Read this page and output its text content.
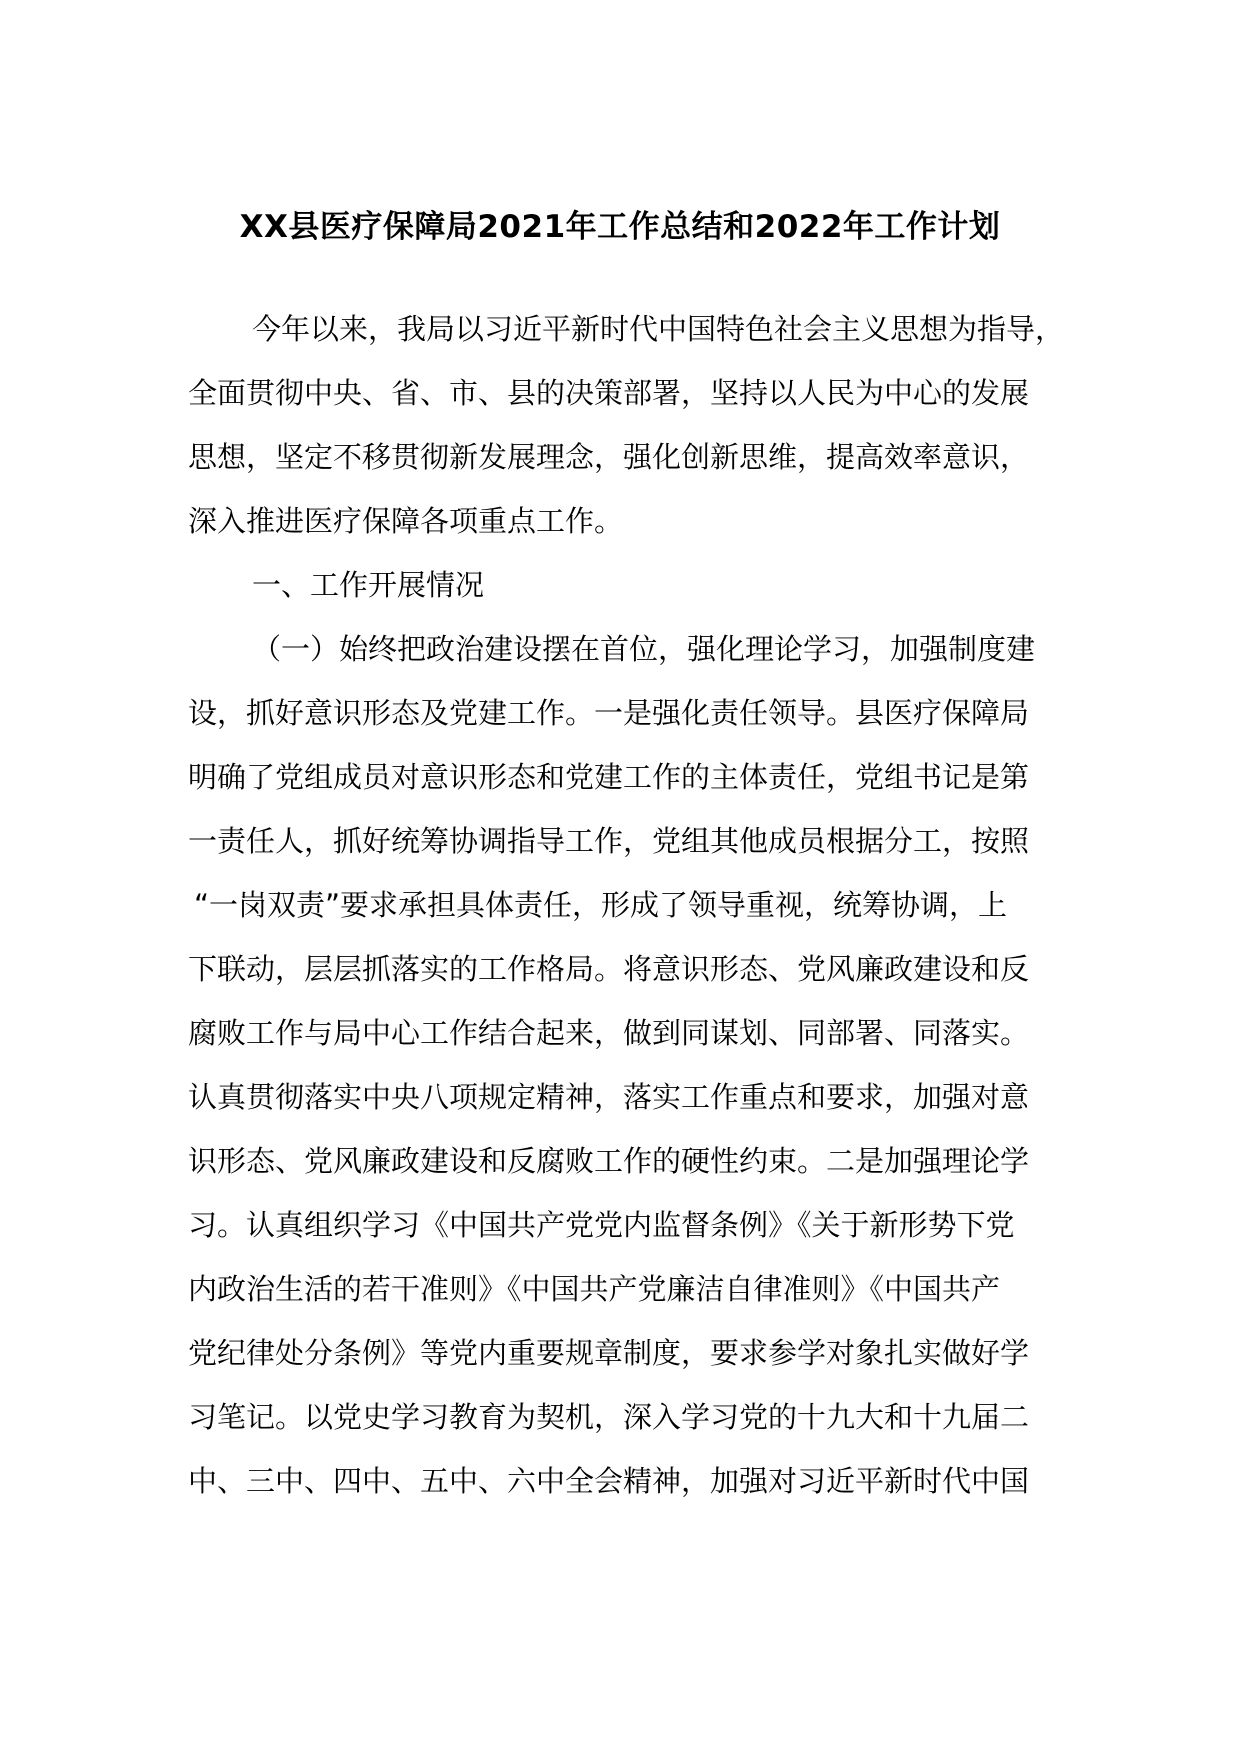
XX县医疗保障局2021年工作总结和2022年工作计划
今年以来，我局以习近平新时代中国特色社会主义思想为指导，
全面贯彻中央、省、市、县的决策部署，坚持以人民为中心的发展
思想，坚定不移贯彻新发展理念，强化创新思维，提高效率意识，
深入推进医疗保障各项重点工作。
一、工作开展情况
（一）始终把政治建设摆在首位，强化理论学习，加强制度建
设，抓好意识形态及党建工作。一是强化责任领导。县医疗保障局
明确了党组成员对意识形态和党建工作的主体责任，党组书记是第
一责任人，抓好统筹协调指导工作，党组其他成员根据分工，按照
“一岗双责”要求承担具体责任，形成了领导重视，统筹协调，上
下联动，层层抓落实的工作格局。将意识形态、党风廉政建设和反
腐败工作与局中心工作结合起来，做到同谋划、同部署、同落实。
认真贯彻落实中央八项规定精神，落实工作重点和要求，加强对意
识形态、党风廉政建设和反腐败工作的硬性约束。二是加强理论学
习。认真组织学习《中国共产党党内监督条例》《关于新形势下党
内政治生活的若干准则》《中国共产党廉洁自律准则》《中国共产
党纪律处分条例》等党内重要规章制度，要求参学对象扎实做好学
习笔记。以党史学习教育为契机，深入学习党的十九大和十九届二
中、三中、四中、五中、六中全会精神，加强对习近平新时代中国
